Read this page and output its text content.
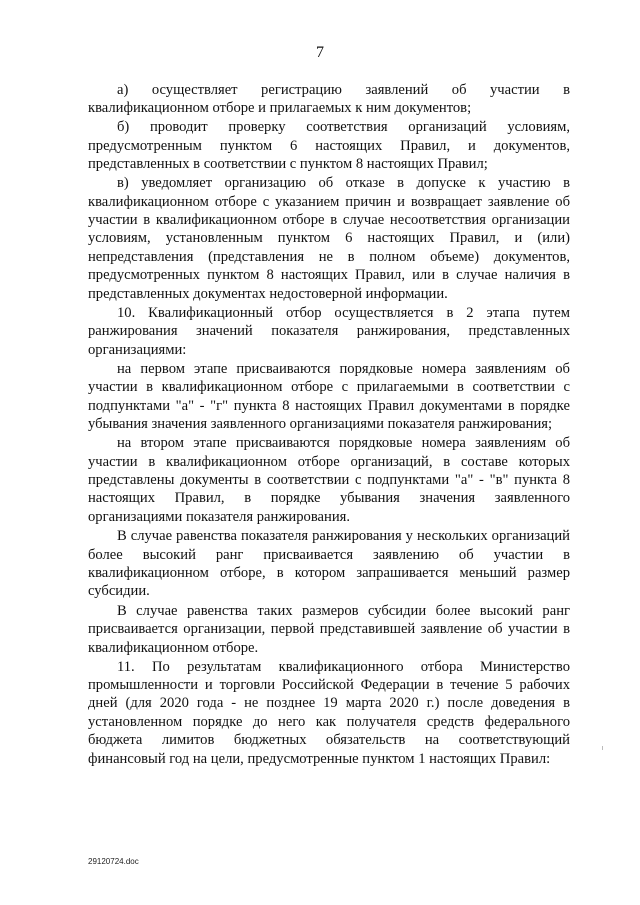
7

а) осуществляет регистрацию заявлений об участии в квалификационном отборе и прилагаемых к ним документов;

б) проводит проверку соответствия организаций условиям, предусмотренным пунктом 6 настоящих Правил, и документов, представленных в соответствии с пунктом 8 настоящих Правил;

в) уведомляет организацию об отказе в допуске к участию в квалификационном отборе с указанием причин и возвращает заявление об участии в квалификационном отборе в случае несоответствия организации условиям, установленным пунктом 6 настоящих Правил, и (или) непредставления (представления не в полном объеме) документов, предусмотренных пунктом 8 настоящих Правил, или в случае наличия в представленных документах недостоверной информации.

10. Квалификационный отбор осуществляется в 2 этапа путем ранжирования значений показателя ранжирования, представленных организациями:

на первом этапе присваиваются порядковые номера заявлениям об участии в квалификационном отборе с прилагаемыми в соответствии с подпунктами "а" - "г" пункта 8 настоящих Правил документами в порядке убывания значения заявленного организациями показателя ранжирования;

на втором этапе присваиваются порядковые номера заявлениям об участии в квалификационном отборе организаций, в составе которых представлены документы в соответствии с подпунктами "а" - "в" пункта 8 настоящих Правил, в порядке убывания значения заявленного организациями показателя ранжирования.

В случае равенства показателя ранжирования у нескольких организаций более высокий ранг присваивается заявлению об участии в квалификационном отборе, в котором запрашивается меньший размер субсидии.

В случае равенства таких размеров субсидии более высокий ранг присваивается организации, первой представившей заявление об участии в квалификационном отборе.

11. По результатам квалификационного отбора Министерство промышленности и торговли Российской Федерации в течение 5 рабочих дней (для 2020 года - не позднее 19 марта 2020 г.) после доведения в установленном порядке до него как получателя средств федерального бюджета лимитов бюджетных обязательств на соответствующий финансовый год на цели, предусмотренные пунктом 1 настоящих Правил:

29120724.doc
